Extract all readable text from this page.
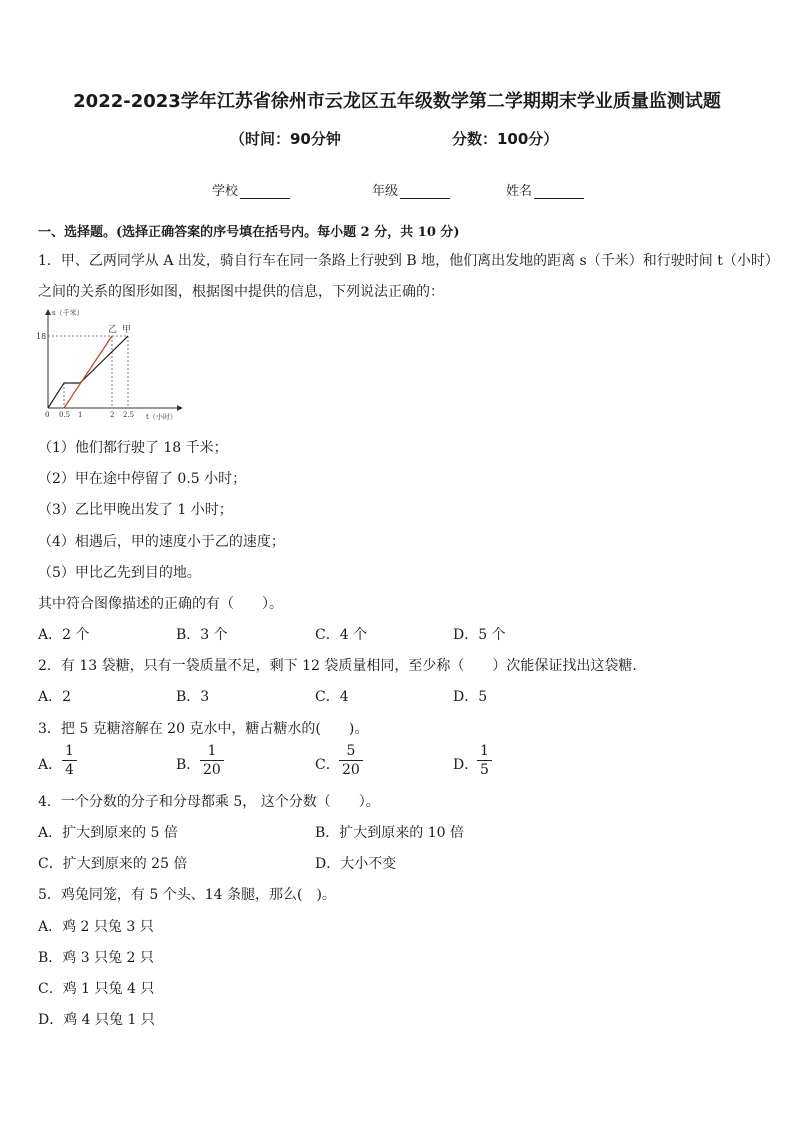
2022-2023学年江苏省徐州市云龙区五年级数学第二学期期末学业质量监测试题
（时间：90分钟	分数：100分）
学校	年级	姓名
一、选择题。(选择正确答案的序号填在括号内。每小题 2 分，共 10 分)
1．甲、乙两同学从 A 出发，骑自行车在同一条路上行驶到 B 地，他们离出发地的距离 s（千米）和行驶时间 t（小时）
之间的关系的图形如图，根据图中提供的信息，下列说法正确的：
s（千米）
t（小时）
18
乙 甲
0 0.5 1	2 2.5
（1）他们都行驶了 18 千米；
（2）甲在途中停留了 0.5 小时；
（3）乙比甲晚出发了 1 小时；
（4）相遇后，甲的速度小于乙的速度；
（5）甲比乙先到目的地。
其中符合图像描述的正确的有（　　）。
A．2 个	B．3 个	C．4 个	D．5 个
2．有 13 袋糖，只有一袋质量不足，剩下 12 袋质量相同，至少称（　　）次能保证找出这袋糖．
A．2	B．3	C．4	D．5
3．把 5 克糖溶解在 20 克水中，糖占糖水的(　　)。
A．
1
4	B．
1
20	C．
5
20	D．
1
5
4．一个分数的分子和分母都乘 5， 这个分数（　　）。
A．扩大到原来的 5 倍	B．扩大到原来的 10 倍
C．扩大到原来的 25 倍	D．大小不变
5．鸡兔同笼，有 5 个头、14 条腿，那么(　)。
A．鸡 2 只兔 3 只
B．鸡 3 只兔 2 只
C．鸡 1 只兔 4 只
D．鸡 4 只兔 1 只
